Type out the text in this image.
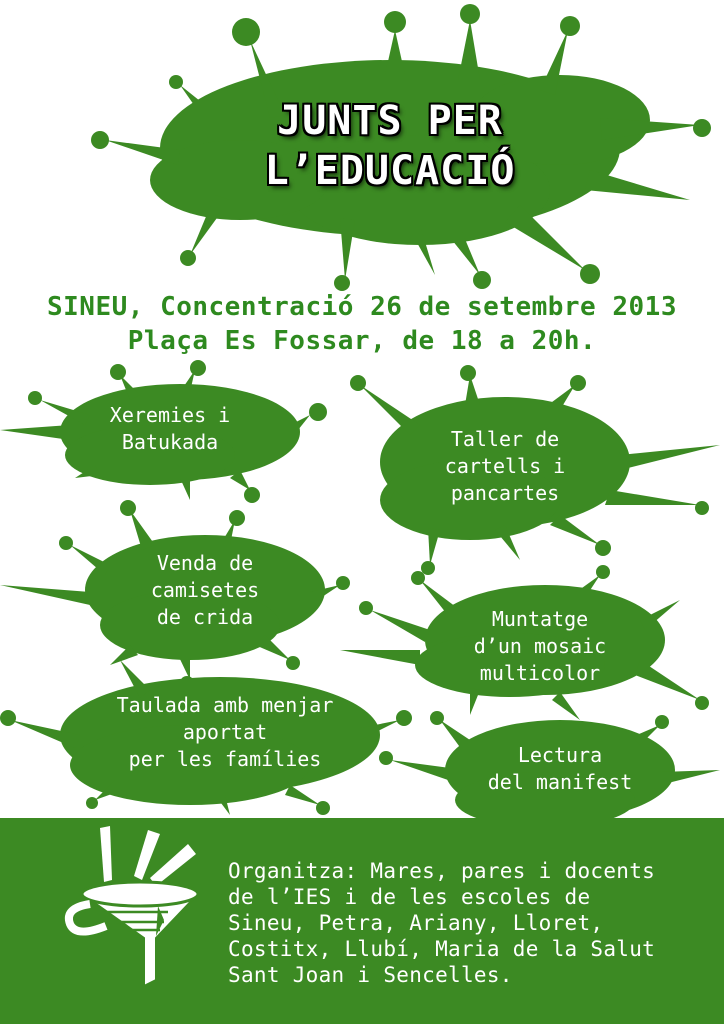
JUNTS PER
L’EDUCACIÓ
SINEU, Concentració 26 de setembre 2013
Plaça Es Fossar, de 18 a 20h.
Xeremies i
Batukada	Taller de
cartells i
pancartes
Venda de
camisetes
de crida	Muntatge
d’un mosaic
multicolor
Taulada amb menjar
aportat
per les famílies	Lectura
del manifest
Organitza: Mares, pares i docents
de l’IES i de les escoles de
Sineu, Petra, Ariany, Lloret,
Costitx, Llubí, Maria de la Salut
Sant Joan i Sencelles.
